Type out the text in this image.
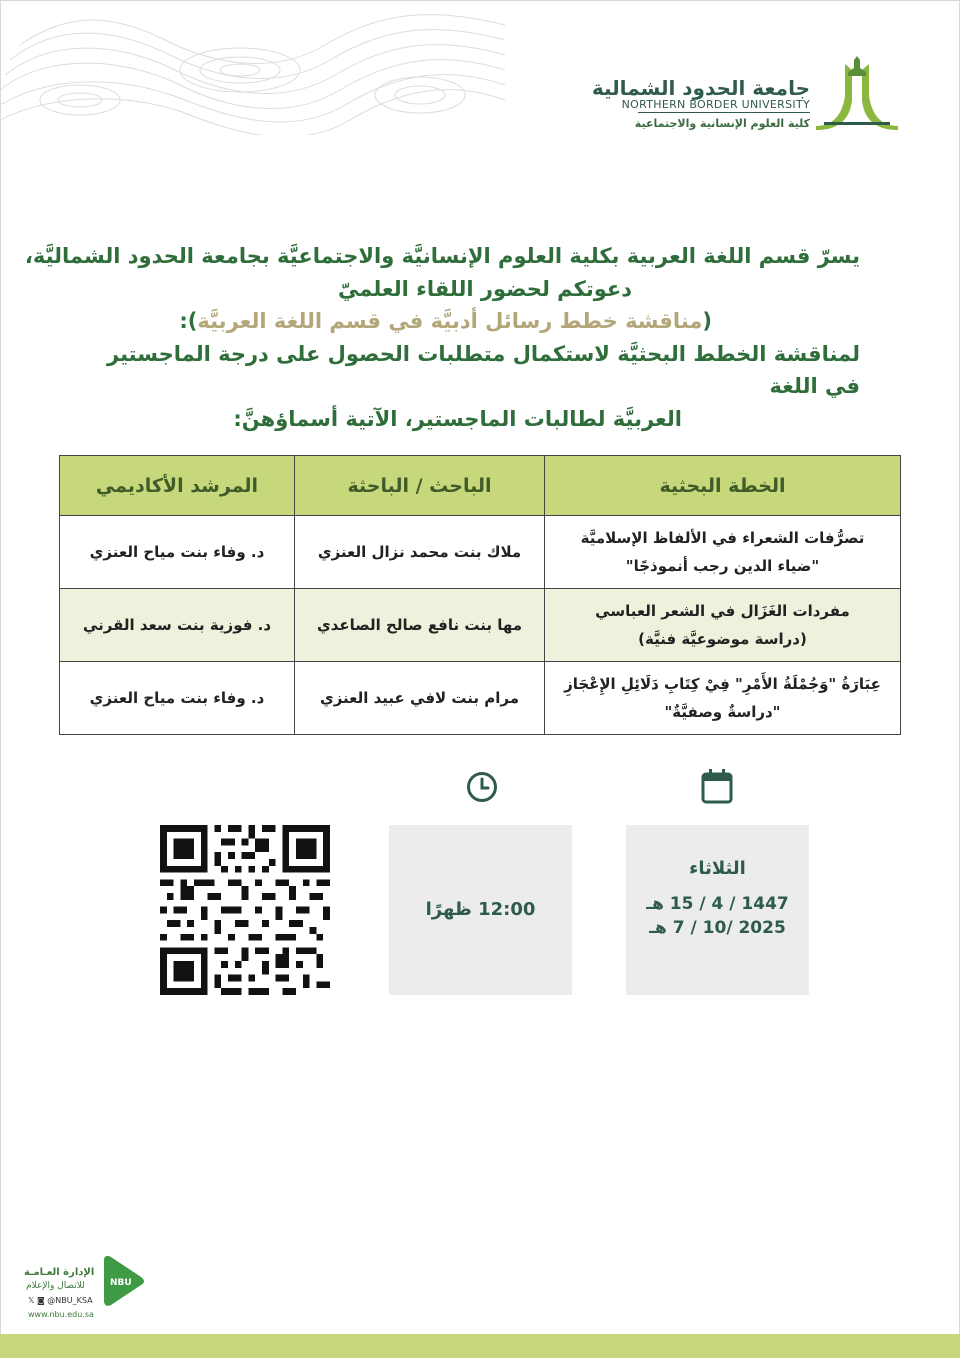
جامعة الحدود الشمالية
NORTHERN BORDER UNIVERSITY
كلية العلوم الإنسانية والاجتماعية
يسرّ قسم اللغة العربية بكلية العلوم الإنسانيَّة والاجتماعيَّة بجامعة الحدود الشماليَّة،
دعوتكم لحضور اللقاء العلميّ
(مناقشة خطط رسائل أدبيَّة في قسم اللغة العربيَّة):
لمناقشة الخطط البحثيَّة لاستكمال متطلبات الحصول على درجة الماجستير في اللغة
العربيَّة لطالبات الماجستير، الآتية أسماؤهنَّ:
الخطة البحثية	الباحث / الباحثة	المرشد الأكاديمي

تصرُّفات الشعراء في الألفاظ الإسلاميَّة
"ضياء الدين رجب أنموذجًا"	ملاك بنت محمد نزال العنزي	د. وفاء بنت مياح العنزي

مفردات الغَزَال في الشعر العباسي
(دراسة موضوعيَّة فنيَّة)	مها بنت نافع صالح الصاعدي	د. فوزية بنت سعد القرني

عِبَارَةُ "وَجُمْلَةُ الأَمْرِ" فِيْ كِتَابِ دَلَائِلِ الإِعْجَازِ
"دراسةٌ وصفيَّةٌ"	مرام بنت لافي عبيد العنزي	د. وفاء بنت مياح العنزي
12:00 ظهرًا
الثلاثاء
1447 / 4 / 15 هـ
2025 /10 / 7 هـ
الإدارة العـامـة
للاتصال والإعلام
𝕏 ◙ @NBU_KSA
www.nbu.edu.sa
NBU
